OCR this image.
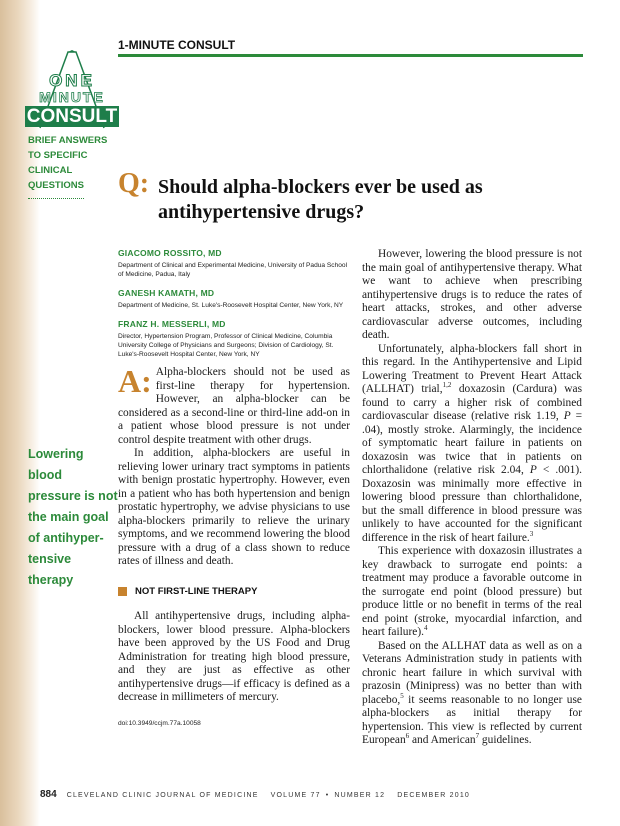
1-MINUTE CONSULT
ONE
MINUTE
CONSULT
BRIEF ANSWERS
TO SPECIFIC
CLINICAL
QUESTIONS	Q: Should alpha-blockers ever be used as antihypertensive drugs?
GIACOMO ROSSITO, MD
Department of Clinical and Experimental Medicine, University of Padua School of Medicine, Padua, Italy
GANESH KAMATH, MD
Department of Medicine, St. Luke's-Roosevelt Hospital Center, New York, NY
FRANZ H. MESSERLI, MD
Director, Hypertension Program, Professor of Clinical Medicine, Columbia University College of Physicians and Surgeons; Division of Cardiology, St. Luke's-Roosevelt Hospital Center, New York, NY
A: Alpha-blockers should not be used as first-line therapy for hypertension. However, an alpha-blocker can be considered as a second-line or third-line add-on in a patient whose blood pressure is not under control despite treatment with other drugs.

In addition, alpha-blockers are useful in relieving lower urinary tract symptoms in patients with benign prostatic hypertrophy. However, even in a patient who has both hypertension and benign prostatic hypertrophy, we advise physicians to use alpha-blockers primarily to relieve the urinary symptoms, and we recommend lowering the blood pressure with a drug of a class shown to reduce rates of illness and death.

NOT FIRST-LINE THERAPY

All antihypertensive drugs, including alpha-blockers, lower blood pressure. Alpha-blockers have been approved by the US Food and Drug Administration for treating high blood pressure, and they are just as effective as other antihypertensive drugs—if efficacy is defined as a decrease in millimeters of mercury.

doi:10.3949/ccjm.77a.10058
Lowering blood
pressure is not
the main goal
of antihyper-
tensive therapy

However, lowering the blood pressure is not the main goal of antihypertensive therapy. What we want to achieve when prescribing antihypertensive drugs is to reduce the rates of heart attacks, strokes, and other adverse cardiovascular adverse outcomes, including death.

Unfortunately, alpha-blockers fall short in this regard. In the Antihypertensive and Lipid Lowering Treatment to Prevent Heart Attack (ALLHAT) trial,$^{1,2}$ doxazosin (Cardura) was found to carry a higher risk of combined cardiovascular disease (relative risk 1.19, P = .04), mostly stroke. Alarmingly, the incidence of symptomatic heart failure in patients on doxazosin was twice that in patients on chlorthalidone (relative risk 2.04, P < .001). Doxazosin was minimally more effective in lowering blood pressure than chlorthalidone, but the small difference in blood pressure was unlikely to have accounted for the significant difference in the risk of heart failure.$^3$

This experience with doxazosin illustrates a key drawback to surrogate end points: a treatment may produce a favorable outcome in the surrogate end point (blood pressure) but produce little or no benefit in terms of the real end point (stroke, myocardial infarction, and heart failure).$^4$

Based on the ALLHAT data as well as on a Veterans Administration study in patients with chronic heart failure in which survival with prazosin (Minipress) was no better than with placebo,$^5$ it seems reasonable to no longer use alpha-blockers as initial therapy for hypertension. This view is reflected by current European$^6$ and American$^7$ guidelines.

884 CLEVELAND CLINIC JOURNAL OF MEDICINE VOLUME 77 • NUMBER 12 DECEMBER 2010
